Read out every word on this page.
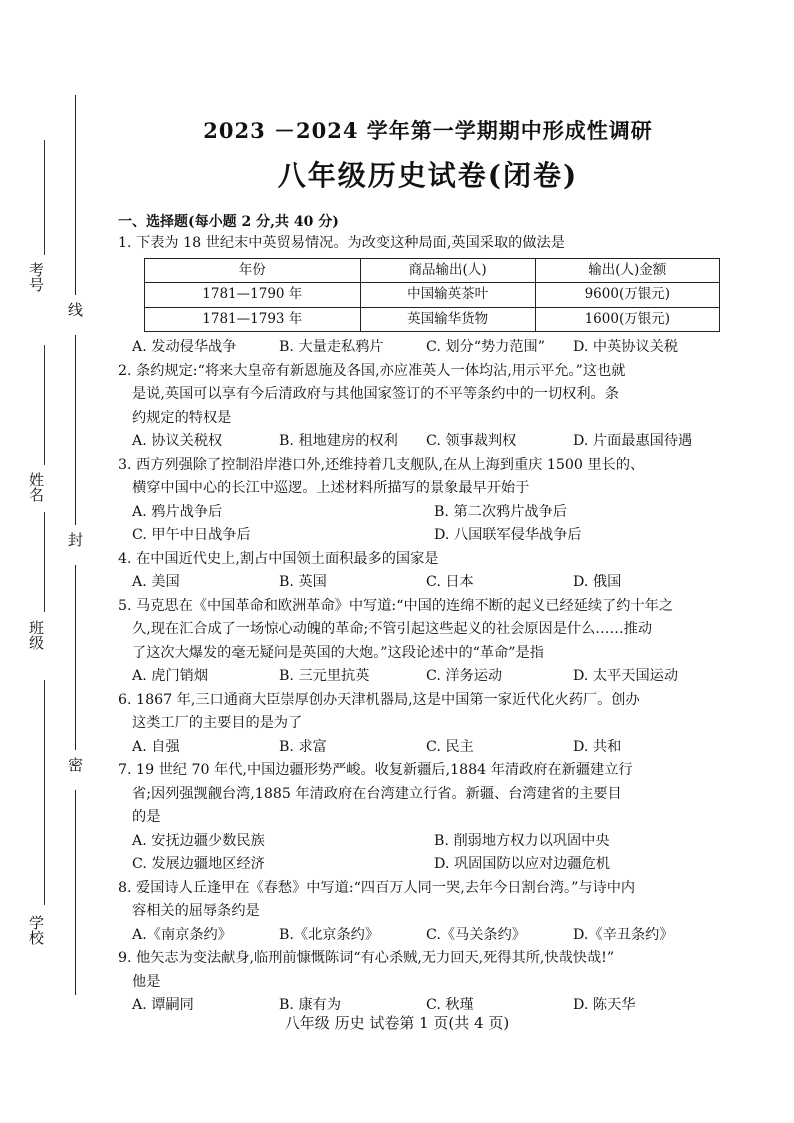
线
封
密
考号
姓名
班级
学校
2023 －2024 学年第一学期期中形成性调研
八年级历史试卷(闭卷)
一、选择题(每小题 2 分,共 40 分)
1. 下表为 18 世纪末中英贸易情况。为改变这种局面,英国采取的做法是
年份	商品输出(人)	输出(人)金额
1781—1790 年	中国输英茶叶	9600(万银元)
1781—1793 年	英国输华货物	1600(万银元)
A. 发动侵华战争	B. 大量走私鸦片	C. 划分“势力范围”	D. 中英协议关税
2. 条约规定:“将来大皇帝有新恩施及各国,亦应准英人一体均沾,用示平允。”这也就
是说,英国可以享有今后清政府与其他国家签订的不平等条约中的一切权利。条
约规定的特权是
A. 协议关税权	B. 租地建房的权利	C. 领事裁判权	D. 片面最惠国待遇
3. 西方列强除了控制沿岸港口外,还维持着几支舰队,在从上海到重庆 1500 里长的、
横穿中国中心的长江中巡逻。上述材料所描写的景象最早开始于
A. 鸦片战争后	B. 第二次鸦片战争后
C. 甲午中日战争后	D. 八国联军侵华战争后
4. 在中国近代史上,割占中国领土面积最多的国家是
A. 美国	B. 英国	C. 日本	D. 俄国
5. 马克思在《中国革命和欧洲革命》中写道:“中国的连绵不断的起义已经延续了约十年之
久,现在汇合成了一场惊心动魄的革命;不管引起这些起义的社会原因是什么……推动
了这次大爆发的毫无疑问是英国的大炮。”这段论述中的“革命”是指
A. 虎门销烟	B. 三元里抗英	C. 洋务运动	D. 太平天国运动
6. 1867 年,三口通商大臣崇厚创办天津机器局,这是中国第一家近代化火药厂。创办
这类工厂的主要目的是为了
A. 自强	B. 求富	C. 民主	D. 共和
7. 19 世纪 70 年代,中国边疆形势严峻。收复新疆后,1884 年清政府在新疆建立行
省;因列强觊觎台湾,1885 年清政府在台湾建立行省。新疆、台湾建省的主要目
的是
A. 安抚边疆少数民族	B. 削弱地方权力以巩固中央
C. 发展边疆地区经济	D. 巩固国防以应对边疆危机
8. 爱国诗人丘逢甲在《春愁》中写道:“四百万人同一哭,去年今日割台湾。”与诗中内
容相关的屈辱条约是
A.《南京条约》	B.《北京条约》	C.《马关条约》	D.《辛丑条约》
9. 他矢志为变法献身,临刑前慷慨陈词“有心杀贼,无力回天,死得其所,快哉快哉!”
他是
A. 谭嗣同	B. 康有为	C. 秋瑾	D. 陈天华
八年级 历史 试卷第 1 页(共 4 页)
